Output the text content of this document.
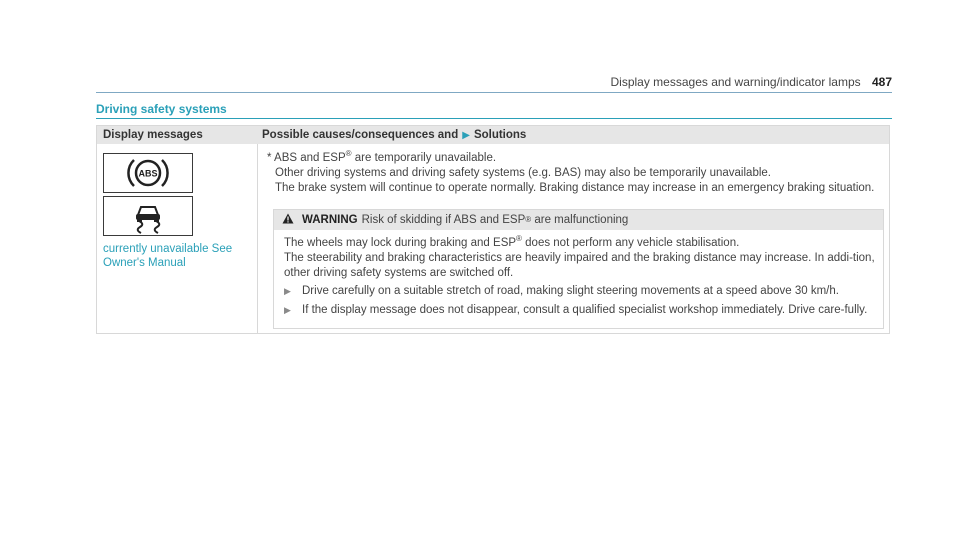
Display messages and warning/indicator lamps 487
Driving safety systems
Display messages	Possible causes/consequences and ▶ Solutions
ABS
currently unavailable See Owner's Manual
* ABS and ESP® are temporarily unavailable.
Other driving systems and driving safety systems (e.g. BAS) may also be temporarily unavailable.
The brake system will continue to operate normally. Braking distance may increase in an emergency braking situation.
WARNING Risk of skidding if ABS and ESP ®
are malfunctioning
The wheels may lock during braking and ESP® does not perform any vehicle stabilisation.
The steerability and braking characteristics are heavily impaired and the braking distance may increase. In addi-tion, other driving safety systems are switched off.
▶ Drive carefully on a suitable stretch of road, making slight steering movements at a speed above 30 km/h.
▶ If the display message does not disappear, consult a qualified specialist workshop immediately. Drive care-fully.
